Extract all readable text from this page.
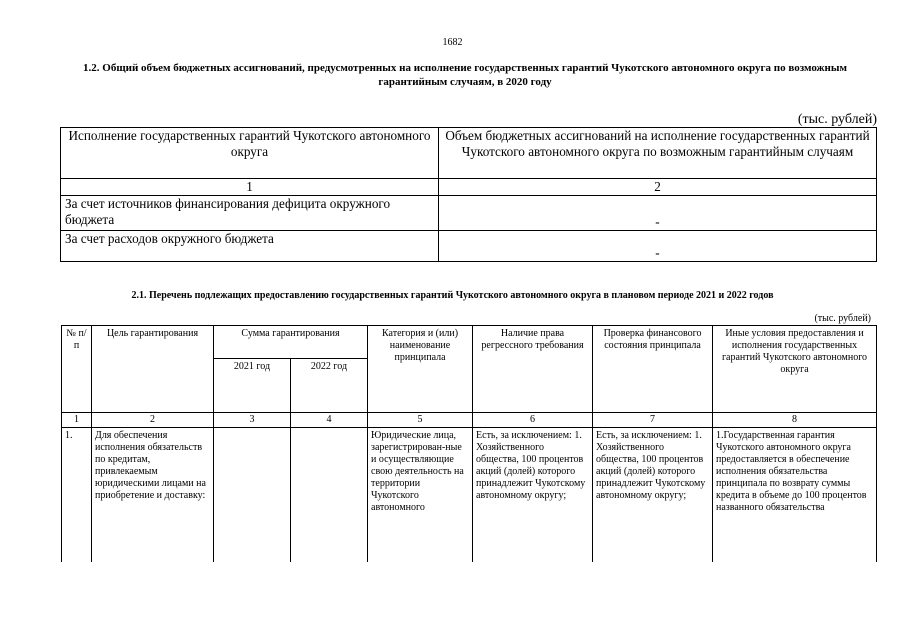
1682
1.2. Общий объем бюджетных ассигнований, предусмотренных на исполнение государственных гарантий Чукотского автономного округа по возможным гарантийным случаям, в 2020 году
(тыс. рублей)
Исполнение государственных гарантий Чукотского автономного округа	Объем бюджетных ассигнований на исполнение государственных гарантий Чукотского автономного округа по возможным гарантийным случаям
1	2
За счет источников финансирования дефицита окружного бюджета	-
За счет расходов окружного бюджета	-
2.1. Перечень подлежащих предоставлению государственных гарантий Чукотского автономного округа в плановом периоде 2021 и 2022 годов
(тыс. рублей)
№ п/п	Цель гарантирования	Сумма гарантирования		Категория и (или) наименование принципала	Наличие права регрессного требования	Проверка финансового состояния принципала	Иные условия предоставления и исполнения государственных гарантий Чукотского автономного округа
		2021 год	2022 год				
1	2	3	4	5	6	7	8
1.	Для обеспечения исполнения обязательств по кредитам, привлекаемым юридическими лицами на приобретение и доставку:			Юридические лица, зарегистрирован-ные и осуществляющие свою деятельность на территории Чукотского автономного	Есть, за исключением: 1. Хозяйственного общества, 100 процентов акций (долей) которого принадлежит Чукотскому автономному округу;	Есть, за исключением: 1. Хозяйственного общества, 100 процентов акций (долей) которого принадлежит Чукотскому автономному округу;	1.Государственная гарантия Чукотского автономного округа предоставляется в обеспечение исполнения обязательства принципала по возврату суммы кредита в объеме до 100 процентов названного обязательства
